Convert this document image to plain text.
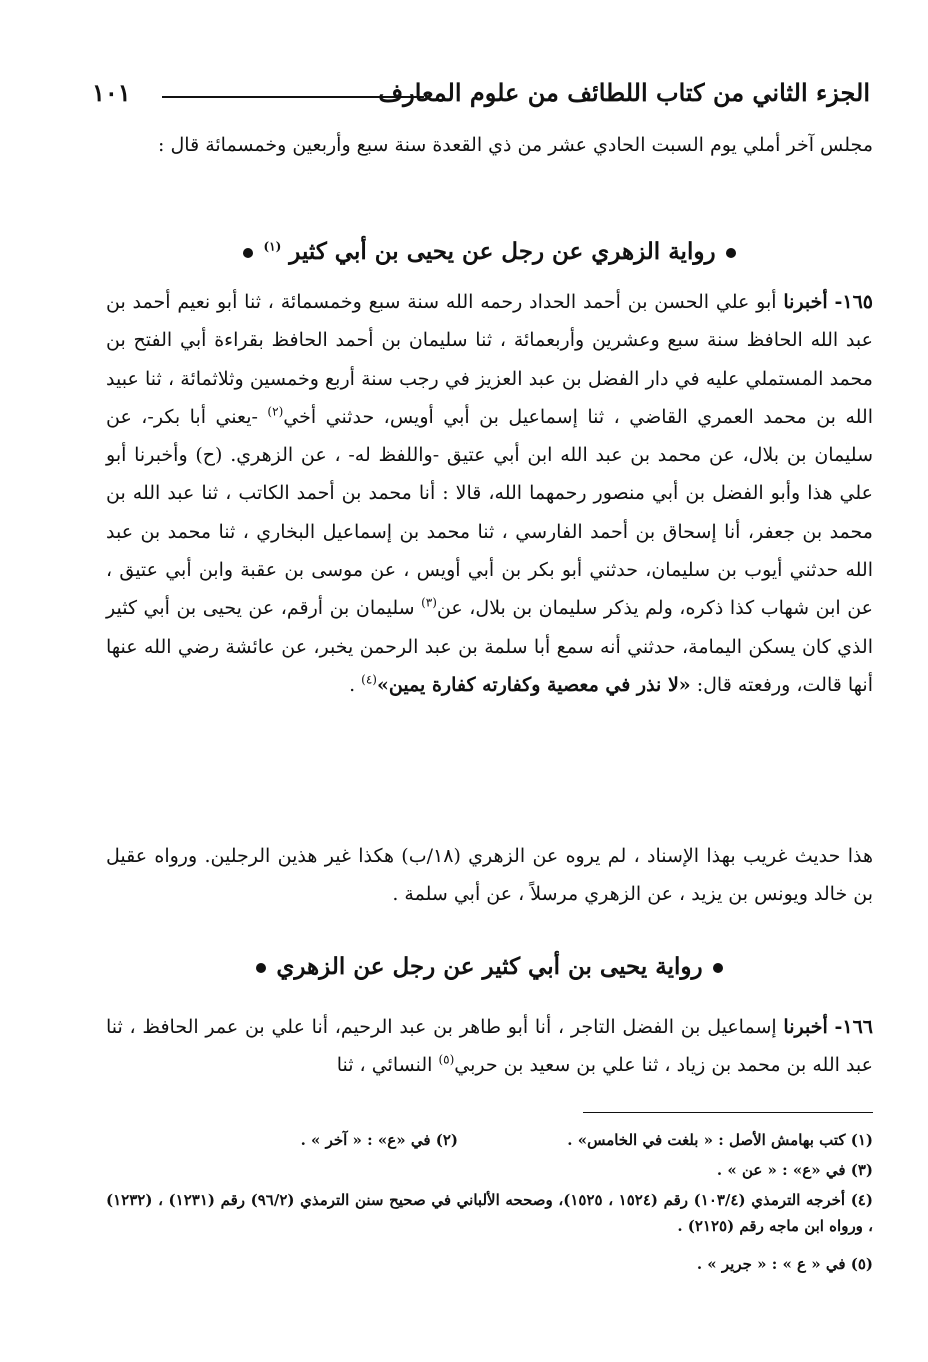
الجزء الثاني من كتاب اللطائف من علوم المعارف
١٠١
مجلس آخر أملي يوم السبت الحادي عشر من ذي القعدة سنة سبع وأربعين وخمسمائة قال :
رواية الزهري عن رجل عن يحيى بن أبي كثير $^{(١)}$
١٦٥- أخبرنا أبو علي الحسن بن أحمد الحداد رحمه الله سنة سبع وخمسمائة ، ثنا أبو نعيم أحمد بن عبد الله الحافظ سنة سبع وعشرين وأربعمائة ، ثنا سليمان بن أحمد الحافظ بقراءة أبي الفتح بن محمد المستملي عليه في دار الفضل بن عبد العزيز في رجب سنة أربع وخمسين وثلاثمائة ، ثنا عبيد الله بن محمد العمري القاضي ، ثنا إسماعيل بن أبي أويس، حدثني أخي$^{(٢)}$ -يعني أبا بكر-، عن سليمان بن بلال، عن محمد بن عبد الله ابن أبي عتيق -واللفظ له- ، عن الزهري. (ح) وأخبرنا أبو علي هذا وأبو الفضل بن أبي منصور رحمهما الله، قالا : أنا محمد بن أحمد الكاتب ، ثنا عبد الله بن محمد بن جعفر، أنا إسحاق بن أحمد الفارسي ، ثنا محمد بن إسماعيل البخاري ، ثنا محمد بن عبد الله حدثني أيوب بن سليمان، حدثني أبو بكر بن أبي أويس ، عن موسى بن عقبة وابن أبي عتيق ، عن ابن شهاب كذا ذكره، ولم يذكر سليمان بن بلال، عن$^{(٣)}$ سليمان بن أرقم، عن يحيى بن أبي كثير الذي كان يسكن اليمامة، حدثني أنه سمع أبا سلمة بن عبد الرحمن يخبر، عن عائشة رضي الله عنها أنها قالت، ورفعته قال: «لا نذر في معصية وكفارته كفارة يمين»$^{(٤)}$ .
هذا حديث غريب بهذا الإسناد ، لم يروه عن الزهري (١٨/ب) هكذا غير هذين الرجلين. ورواه عقيل بن خالد ويونس بن يزيد ، عن الزهري مرسلاً ، عن أبي سلمة .
رواية يحيى بن أبي كثير عن رجل عن الزهري
١٦٦- أخبرنا إسماعيل بن الفضل التاجر ، أنا أبو طاهر بن عبد الرحيم، أنا علي بن عمر الحافظ ، ثنا عبد الله بن محمد بن زياد ، ثنا علي بن سعيد بن حربي$^{(٥)}$ النسائي ، ثنا
(١) كتب بهامش الأصل : « بلغت في الخامس» .
(٢) في «ع» : « آخر » .
(٣) في «ع» : « عن » .
(٤) أخرجه الترمذي (١٠٣/٤) رقم (١٥٢٤ ، ١٥٢٥)، وصححه الألباني في صحيح سنن الترمذي (٩٦/٢) رقم (١٢٣١) ، (١٢٣٢) ، ورواه ابن ماجه رقم (٢١٢٥) .
(٥) في « ع » : « جرير » .
